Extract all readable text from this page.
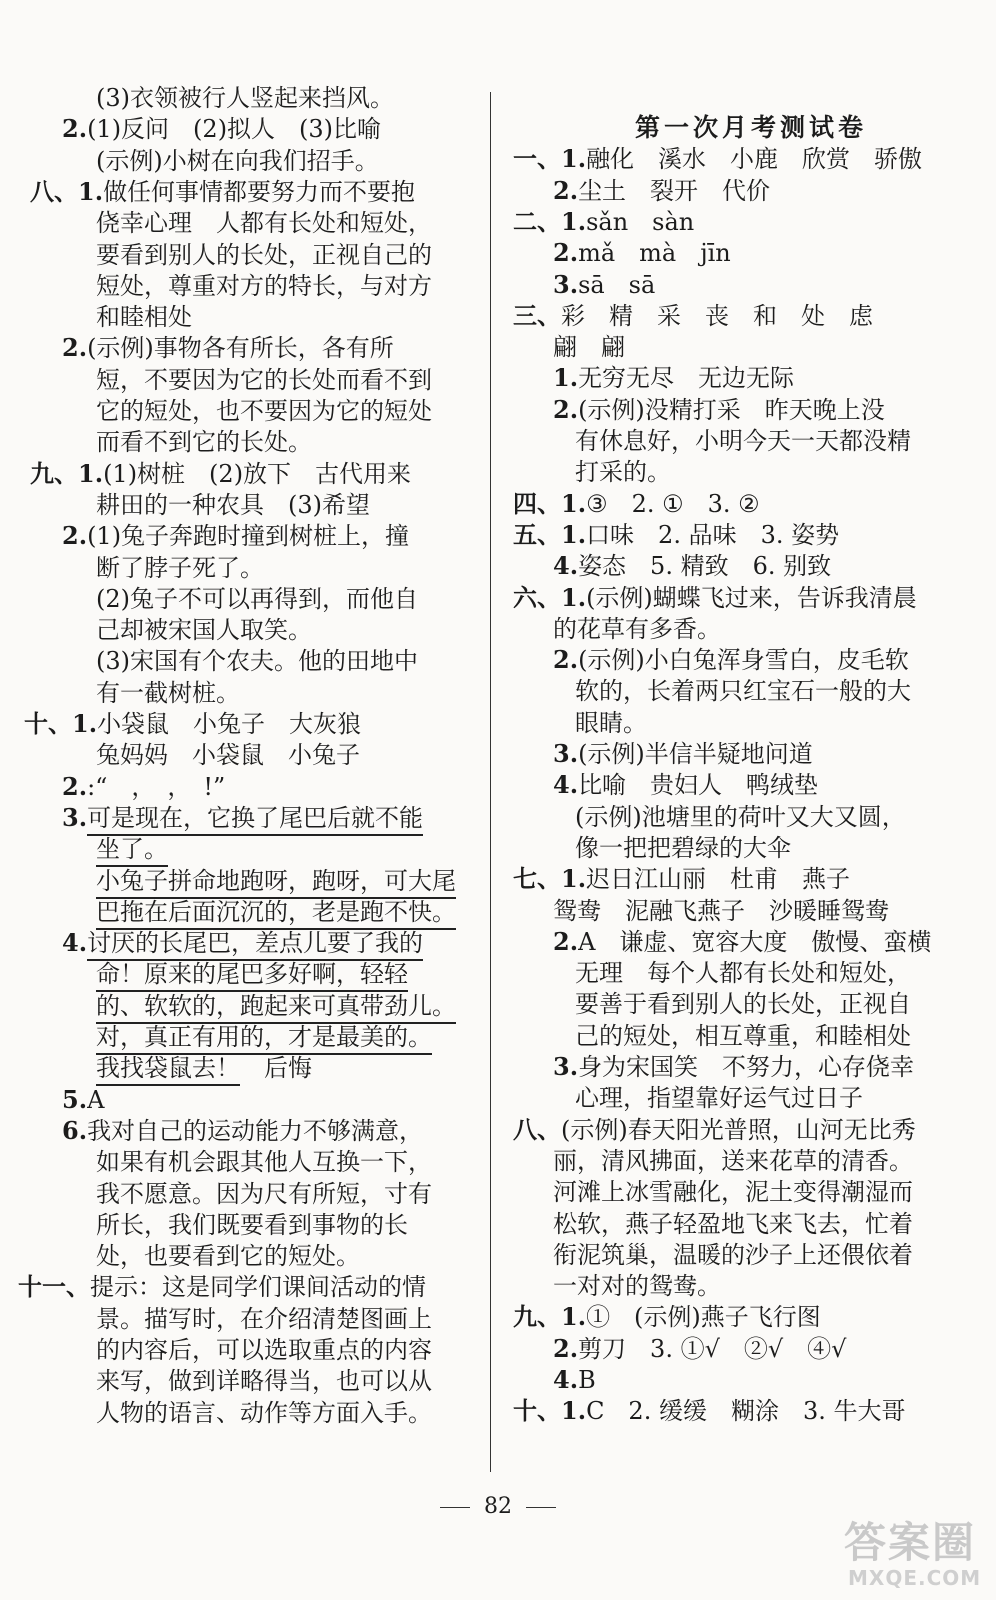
(3)衣领被行人竖起来挡风。
2.(1)反问　(2)拟人　(3)比喻
(示例)小树在向我们招手。
八、1.做任何事情都要努力而不要抱
侥幸心理　人都有长处和短处，
要看到别人的长处，正视自己的
短处，尊重对方的特长，与对方
和睦相处
2.(示例)事物各有所长，各有所
短，不要因为它的长处而看不到
它的短处，也不要因为它的短处
而看不到它的长处。
九、1.(1)树桩　(2)放下　古代用来
耕田的一种农具　(3)希望
2.(1)兔子奔跑时撞到树桩上，撞
断了脖子死了。
(2)兔子不可以再得到，而他自
己却被宋国人取笑。
(3)宋国有个农夫。他的田地中
有一截树桩。
十、1.小袋鼠　小兔子　大灰狼
兔妈妈　小袋鼠　小兔子
2.:“　，　，　!”
3.可是现在，它换了尾巴后就不能
坐了。
小兔子拼命地跑呀，跑呀，可大尾
巴拖在后面沉沉的，老是跑不快。
4.讨厌的长尾巴，差点儿要了我的
命！原来的尾巴多好啊，轻轻
的、软软的，跑起来可真带劲儿。
对，真正有用的，才是最美的。
我找袋鼠去！　后悔
5.A
6.我对自己的运动能力不够满意，
如果有机会跟其他人互换一下，
我不愿意。因为尺有所短，寸有
所长，我们既要看到事物的长
处，也要看到它的短处。
十一、提示：这是同学们课间活动的情
景。描写时，在介绍清楚图画上
的内容后，可以选取重点的内容
来写，做到详略得当，也可以从
人物的语言、动作等方面入手。
第一次月考测试卷
一、1.融化　溪水　小鹿　欣赏　骄傲
2.尘土　裂开　代价
二、1.sǎn　sàn
2.mǎ　mà　jīn
3.sā　sā
三、彩　精　采　丧　和　处　虑
翩　翩
1.无穷无尽　无边无际
2.(示例)没精打采　昨天晚上没
有休息好，小明今天一天都没精
打采的。
四、1.③　2. ①　3. ②
五、1.口味　2. 品味　3. 姿势
4.姿态　5. 精致　6. 别致
六、1.(示例)蝴蝶飞过来，告诉我清晨
的花草有多香。
2.(示例)小白兔浑身雪白，皮毛软
软的，长着两只红宝石一般的大
眼睛。
3.(示例)半信半疑地问道
4.比喻　贵妇人　鸭绒垫
(示例)池塘里的荷叶又大又圆，
像一把把碧绿的大伞
七、1.迟日江山丽　杜甫　燕子
鸳鸯　泥融飞燕子　沙暖睡鸳鸯
2.A　谦虚、宽容大度　傲慢、蛮横
无理　每个人都有长处和短处，
要善于看到别人的长处，正视自
己的短处，相互尊重，和睦相处
3.身为宋国笑　不努力，心存侥幸
心理，指望靠好运气过日子
八、(示例)春天阳光普照，山河无比秀
丽，清风拂面，送来花草的清香。
河滩上冰雪融化，泥土变得潮湿而
松软，燕子轻盈地飞来飞去，忙着
衔泥筑巢，温暖的沙子上还偎依着
一对对的鸳鸯。
九、1.①　(示例)燕子飞行图
2.剪刀　3. ①√　②√　④√
4.B
十、1.C　2. 缓缓　糊涂　3. 牛大哥
82
答案圈
MXQE.COM
